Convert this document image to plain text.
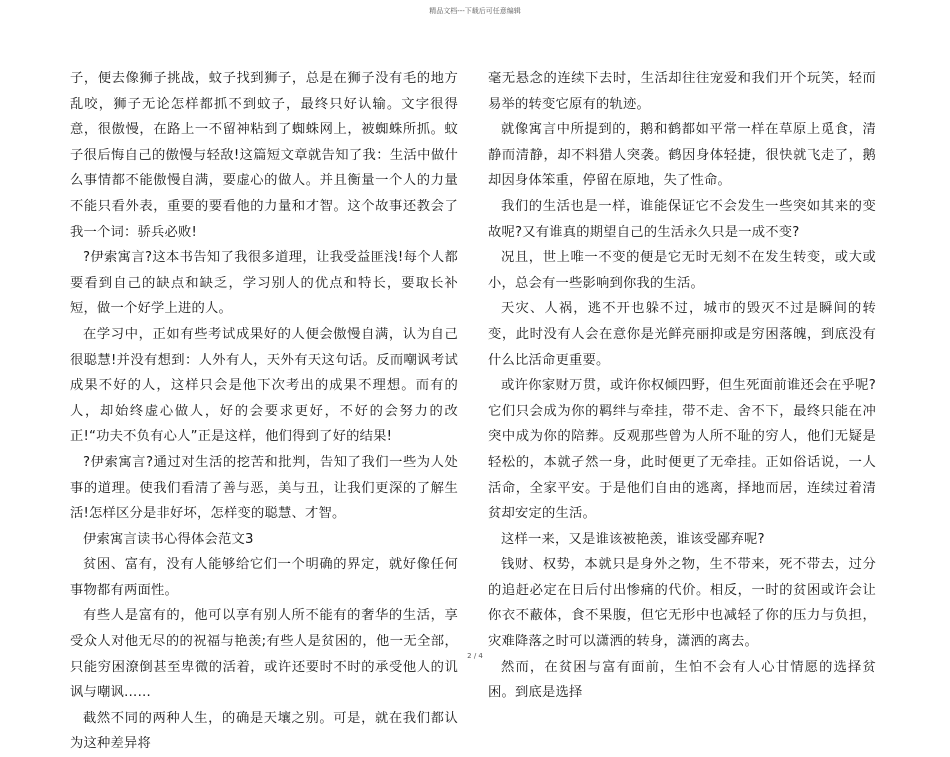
精品文档---下载后可任意编辑

子，便去像狮子挑战，蚊子找到狮子，总是在狮子没有毛的地方乱咬，狮子无论怎样都抓不到蚊子，最终只好认输。文字很得意，很傲慢，在路上一不留神粘到了蜘蛛网上，被蜘蛛所抓。蚊子很后悔自己的傲慢与轻敌!这篇短文章就告知了我：生活中做什么事情都不能傲慢自满，要虚心的做人。并且衡量一个人的力量不能只看外表，重要的要看他的力量和才智。这个故事还教会了我一个词：骄兵必败!

?伊索寓言?这本书告知了我很多道理，让我受益匪浅!每个人都要看到自己的缺点和缺乏，学习别人的优点和特长，要取长补短，做一个好学上进的人。

在学习中，正如有些考试成果好的人便会傲慢自满，认为自己很聪慧!并没有想到：人外有人，天外有天这句话。反而嘲讽考试成果不好的人，这样只会是他下次考出的成果不理想。而有的人，却始终虚心做人，好的会要求更好，不好的会努力的改正!“功夫不负有心人”正是这样，他们得到了好的结果!

?伊索寓言?通过对生活的挖苦和批判，告知了我们一些为人处事的道理。使我们看清了善与恶，美与丑，让我们更深的了解生活!怎样区分是非好坏，怎样变的聪慧、才智。

伊索寓言读书心得体会范文3

贫困、富有，没有人能够给它们一个明确的界定，就好像任何事物都有两面性。

有些人是富有的，他可以享有别人所不能有的奢华的生活，享受众人对他无尽的的祝福与艳羡;有些人是贫困的，他一无全部，只能穷困潦倒甚至卑微的活着，或许还要时不时的承受他人的讥讽与嘲讽……

截然不同的两种人生，的确是天壤之别。可是，就在我们都认为这种差异将

毫无悬念的连续下去时，生活却往往宠爱和我们开个玩笑，轻而易举的转变它原有的轨迹。

就像寓言中所提到的，鹅和鹤都如平常一样在草原上觅食，清静而清静，却不料猎人突袭。鹤因身体轻捷，很快就飞走了，鹅却因身体笨重，停留在原地，失了性命。

我们的生活也是一样，谁能保证它不会发生一些突如其来的变故呢?又有谁真的期望自己的生活永久只是一成不变?

况且，世上唯一不变的便是它无时无刻不在发生转变，或大或小，总会有一些影响到你我的生活。

天灾、人祸，逃不开也躲不过，城市的毁灭不过是瞬间的转变，此时没有人会在意你是光鲜亮丽抑或是穷困落魄，到底没有什么比活命更重要。

或许你家财万贯，或许你权倾四野，但生死面前谁还会在乎呢?它们只会成为你的羁绊与牵挂，带不走、舍不下，最终只能在冲突中成为你的陪葬。反观那些曾为人所不耻的穷人，他们无疑是轻松的，本就孑然一身，此时便更了无牵挂。正如俗话说，一人活命，全家平安。于是他们自由的逃离，择地而居，连续过着清贫却安定的生活。

这样一来，又是谁该被艳羡，谁该受鄙弃呢?

钱财、权势，本就只是身外之物，生不带来，死不带去，过分的追赶必定在日后付出惨痛的代价。相反，一时的贫困或许会让你衣不蔽体，食不果腹，但它无形中也减轻了你的压力与负担，灾难降落之时可以潇洒的转身，潇洒的离去。

然而，在贫困与富有面前，生怕不会有人心甘情愿的选择贫困。到底是选择

2 / 4
